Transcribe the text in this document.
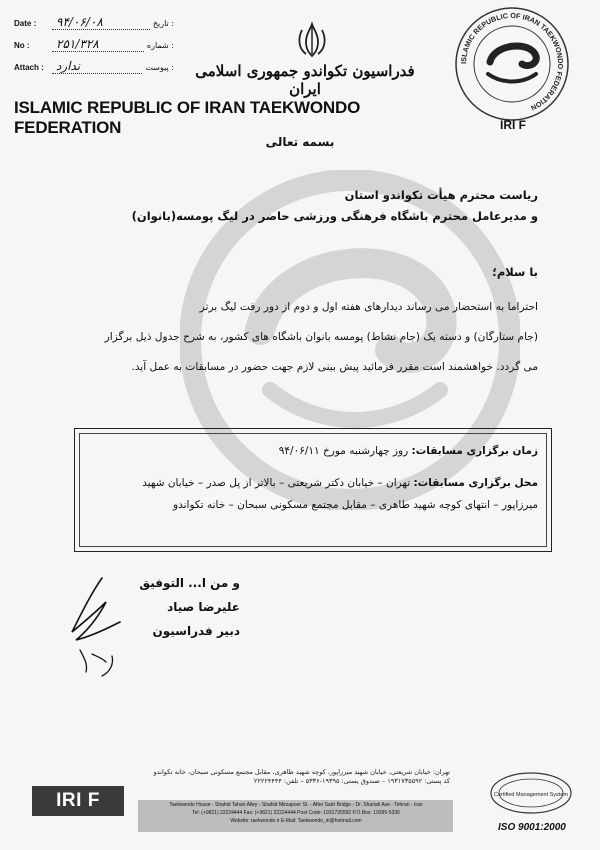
Date :	۹۴/۰۶/۰۸	تاریخ :
No :	۲۵۱/۳۲۸	شماره :
Attach :	ندارد	پیوست :	فدراسیون تکواندو جمهوری اسلامی ایران
ISLAMIC REPUBLIC OF IRAN TAEKWONDO FEDERATION
ISLAMIC REPUBLIC OF IRAN TAEKWONDO FEDERATION
IRI F
بسمه تعالی
ریاست محترم هیأت تکواندو استان
و مدیرعامل محترم باشگاه فرهنگی ورزشی حاضر در لیگ پومسه(بانوان)
با سلام؛
احتراما به استحضار می رساند دیدارهای هفته اول و دوم از دور رفت لیگ برتر
(جام ستارگان) و دسته یک (جام نشاط) پومسه بانوان باشگاه های کشور، به شرح جدول ذیل برگزار
می گردد. خواهشمند است مقرر فرمائید پیش بینی لازم جهت حضور در مسابقات به عمل آید.
زمان برگزاری مسابقات: روز چهارشنبه مورخ ۹۴/۰۶/۱۱
محل برگزاری مسابقات: تهران – خیابان دکتر شریعتی – بالاتر از پل صدر – خیابان شهید
میرزاپور – انتهای کوچه شهید طاهری – مقابل مجتمع مسکونی سبحان – خانه تکواندو
و من ا... التوفیق
علیرضا صیاد
دبیر فدراسیون
تهران: خیابان شریعتی، خیابان شهید میرزاپور، کوچه شهید طاهری، مقابل مجتمع مسکونی سبحان، خانه تکواندو
کد پستی: ۱۹۳۱۷۳۵۵۹۲ – صندوق پستی: ۱۹۳۹۵-۵۳۳۶ – تلفن: ۲۲۲۲۴۴۴۴
IRI F	Taekwondo House - Shahid Tahari Alley - Shahid Mirzapoor St. - After Sadr Bridge - Dr. Shariati Ave - Tehran - Iran
Tel: (+9821) 22224444 Fax: (+9821) 22224444 Post Code: 1931735592 P.O.Box: 19395-5336
Website: taekwondo.ir E-Mail: Taekwondo_iri@hotmail.com
Certified Management System
ISO 9001:2000
